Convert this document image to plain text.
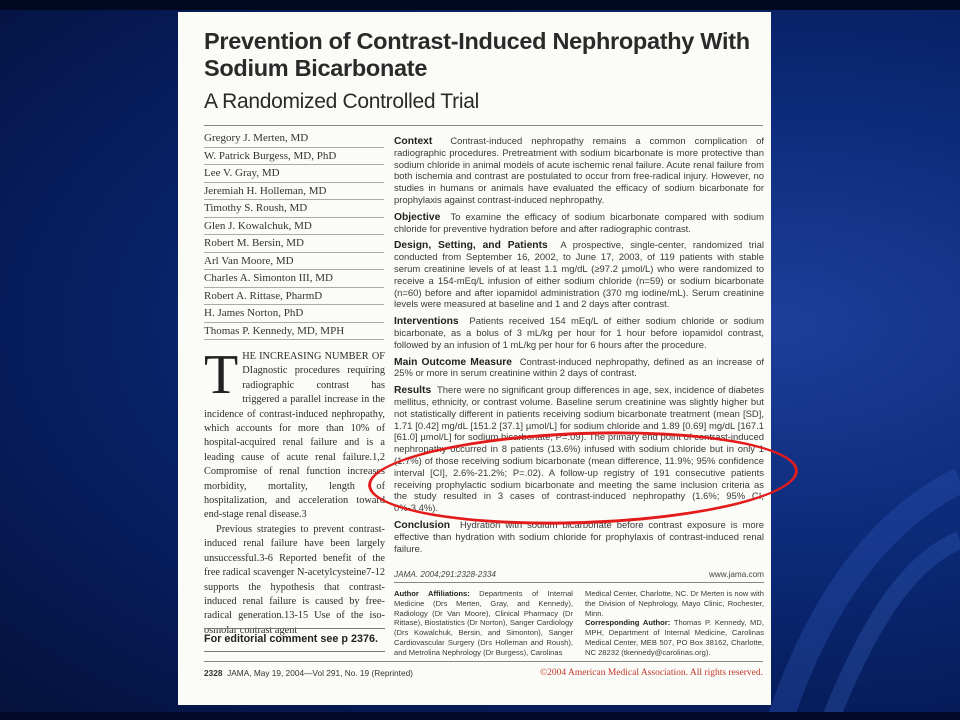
Prevention of Contrast-Induced Nephropathy With Sodium Bicarbonate
A Randomized Controlled Trial
Gregory J. Merten, MD
W. Patrick Burgess, MD, PhD
Lee V. Gray, MD
Jeremiah H. Holleman, MD
Timothy S. Roush, MD
Glen J. Kowalchuk, MD
Robert M. Bersin, MD
Arl Van Moore, MD
Charles A. Simonton III, MD
Robert A. Rittase, PharmD
H. James Norton, PhD
Thomas P. Kennedy, MD, MPH

T HE INCREASING NUMBER OF DIagnostic procedures requiring radiographic contrast has triggered a parallel increase in the incidence of contrast-induced nephropathy, which accounts for more than 10% of hospital-acquired renal failure and is a leading cause of acute renal failure.1,2 Compromise of renal function increases morbidity, mortality, length of hospitalization, and acceleration toward end-stage renal disease.3

Previous strategies to prevent contrast-induced renal failure have been largely unsuccessful.3-6 Reported benefit of the free radical scavenger N-acetylcysteine7-12 supports the hypothesis that contrast-induced renal failure is caused by free-radical generation.13-15 Use of the iso-osmolar contrast agent

For editorial comment see p 2376.

Context Contrast-induced nephropathy remains a common complication of radiographic procedures. Pretreatment with sodium bicarbonate is more protective than sodium chloride in animal models of acute ischemic renal failure. Acute renal failure from both ischemia and contrast are postulated to occur from free-radical injury. However, no studies in humans or animals have evaluated the efficacy of sodium bicarbonate for prophylaxis against contrast-induced nephropathy.

Objective To examine the efficacy of sodium bicarbonate compared with sodium chloride for preventive hydration before and after radiographic contrast.

Design, Setting, and Patients A prospective, single-center, randomized trial conducted from September 16, 2002, to June 17, 2003, of 119 patients with stable serum creatinine levels of at least 1.1 mg/dL (≥97.2 µmol/L) who were randomized to receive a 154-mEq/L infusion of either sodium chloride (n=59) or sodium bicarbonate (n=60) before and after iopamidol administration (370 mg iodine/mL). Serum creatinine levels were measured at baseline and 1 and 2 days after contrast.

Interventions Patients received 154 mEq/L of either sodium chloride or sodium bicarbonate, as a bolus of 3 mL/kg per hour for 1 hour before iopamidol contrast, followed by an infusion of 1 mL/kg per hour for 6 hours after the procedure.

Main Outcome Measure Contrast-induced nephropathy, defined as an increase of 25% or more in serum creatinine within 2 days of contrast.

Results There were no significant group differences in age, sex, incidence of diabetes mellitus, ethnicity, or contrast volume. Baseline serum creatinine was slightly higher but not statistically different in patients receiving sodium bicarbonate treatment (mean [SD], 1.71 [0.42] mg/dL [151.2 [37.1] µmol/L] for sodium chloride and 1.89 [0.69] mg/dL [167.1 [61.0] µmol/L] for sodium bicarbonate; P=.09). The primary end point of contrast-induced nephropathy occurred in 8 patients (13.6%) infused with sodium chloride but in only 1 (1.7%) of those receiving sodium bicarbonate (mean difference, 11.9%; 95% confidence interval [CI], 2.6%-21.2%; P=.02). A follow-up registry of 191 consecutive patients receiving prophylactic sodium bicarbonate and meeting the same inclusion criteria as the study resulted in 3 cases of contrast-induced nephropathy (1.6%; 95% CI, 0%-3.4%).

Conclusion Hydration with sodium bicarbonate before contrast exposure is more effective than hydration with sodium chloride for prophylaxis of contrast-induced renal failure.

JAMA. 2004;291:2328-2334	www.jama.com
Author Affiliations: Departments of Internal Medicine (Drs Merten, Gray, and Kennedy), Radiology (Dr Van Moore), Clinical Pharmacy (Dr Rittase), Biostatistics (Dr Norton), Sanger Cardiology (Drs Kowalchuk, Bersin, and Simonton), Sanger Cardiovascular Surgery (Drs Holleman and Roush), and Metrolina Nephrology (Dr Burgess), Carolinas
Medical Center, Charlotte, NC. Dr Merten is now with the Division of Nephrology, Mayo Clinic, Rochester, Minn.
Corresponding Author: Thomas P. Kennedy, MD, MPH, Department of Internal Medicine, Carolinas Medical Center, MEB 507, PO Box 38162, Charlotte, NC 28232 (tkennedy@carolinas.org).
2328 JAMA, May 19, 2004—Vol 291, No. 19 (Reprinted)	©2004 American Medical Association. All rights reserved.
